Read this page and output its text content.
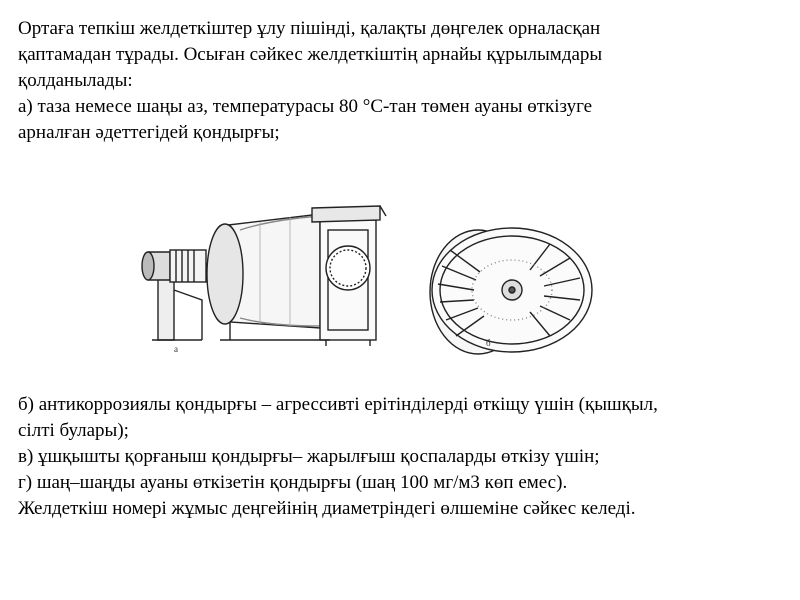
Ортаға тепкіш желдеткіштер ұлу пішінді, қалақты дөңгелек орналасқан
қаптамадан тұрады. Осыған сәйкес желдеткіштің арнайы құрылымдары
қолданылады:

а) таза немесе шаңы аз, температурасы 80 °С-тан төмен ауаны өткізуге
арналған әдеттегідей қондырғы;

а
б

б) антикоррозиялы қондырғы – агрессивті ерітінділерді өткіщу үшін (қышқыл,
сілті булары);

в) ұшқышты қорғаныш қондырғы– жарылғыш қоспаларды өткізу үшін;

г) шаң–шаңды ауаны өткізетін қондырғы (шаң 100 мг/м3 көп емес).

Желдеткіш номері жұмыс деңгейінің диаметріндегі өлшеміне сәйкес келеді.
